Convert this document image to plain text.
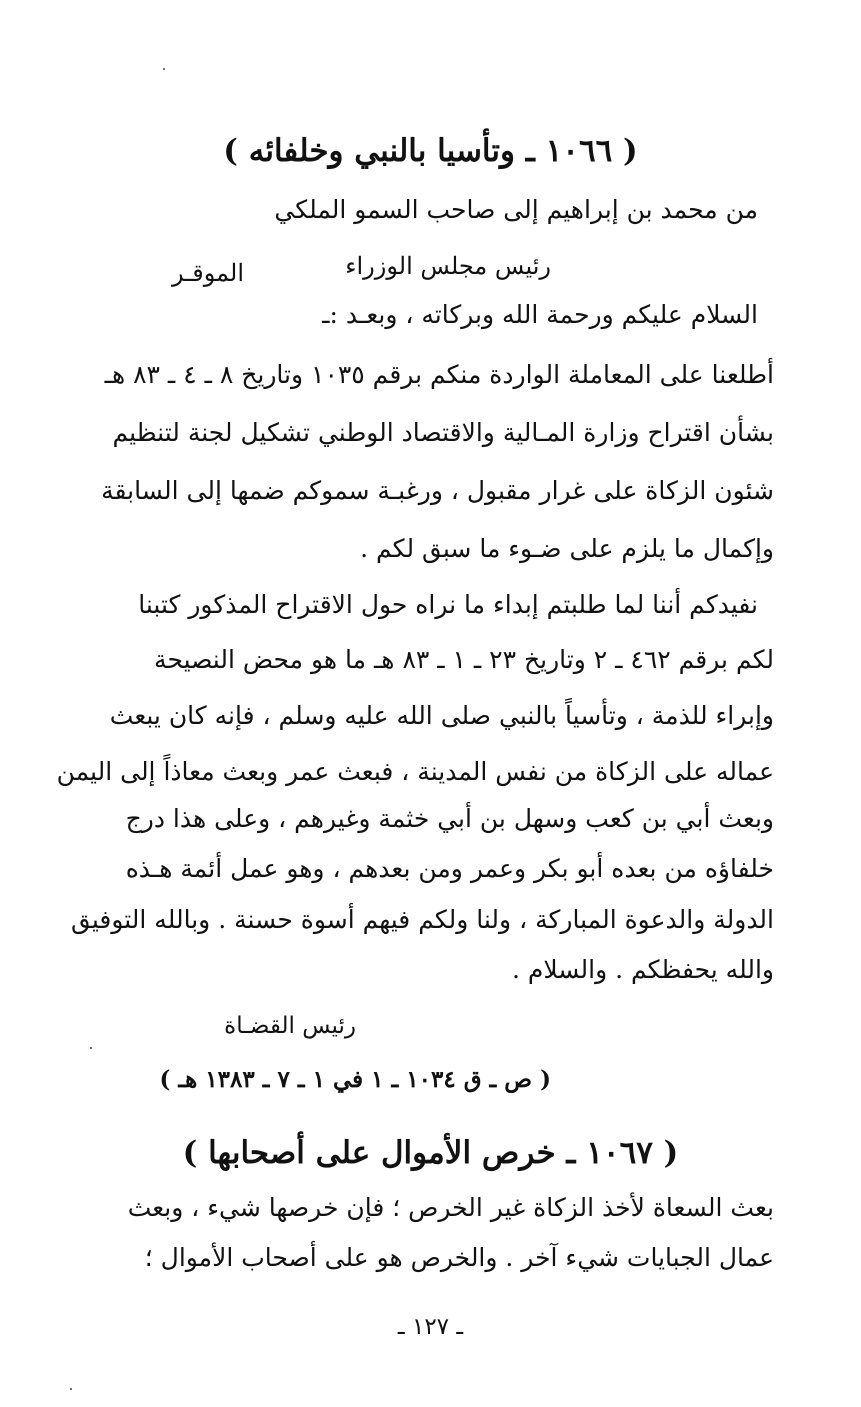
( ١٠٦٦ ـ وتأسيا بالنبي وخلفائه )
من محمد بن إبراهيم إلى صاحب السمو الملكي
رئيس مجلس الوزراء
الموقـر
السلام عليكم ورحمة الله وبركاته ، وبعـد :ـ
أطلعنا على المعاملة الواردة منكم برقم ١٠٣٥ وتاريخ ٨ ـ ٤ ـ ٨٣ هـ
بشأن اقتراح وزارة المـالية والاقتصاد الوطني تشكيل لجنة لتنظيم
شئون الزكاة على غرار مقبول ، ورغبـة سموكم ضمها إلى السابقة
وإكمال ما يلزم على ضـوء ما سبق لكم .
نفيدكم أننا لما طلبتم إبداء ما نراه حول الاقتراح المذكور كتبنا
لكم برقم ٤٦٢ ـ ٢ وتاريخ ٢٣ ـ ١ ـ ٨٣ هـ ما هو محض النصيحة
وإبراء للذمة ، وتأسياً بالنبي صلى الله عليه وسلم ، فإنه كان يبعث
عماله على الزكاة من نفس المدينة ، فبعث عمر وبعث معاذاً إلى اليمن
وبعث أبي بن كعب وسهل بن أبي خثمة وغيرهم ، وعلى هذا درج
خلفاؤه من بعده أبو بكر وعمر ومن بعدهم ، وهو عمل أئمة هـذه
الدولة والدعوة المباركة ، ولنا ولكم فيهم أسوة حسنة . وبالله التوفيق
والله يحفظكم . والسلام .
رئيس القضـاة
( ص ـ ق ١٠٣٤ ـ ١ في ١ ـ ٧ ـ ١٣٨٣ هـ )
( ١٠٦٧ ـ خرص الأموال على أصحابها )
بعث السعاة لأخذ الزكاة غير الخرص ؛ فإن خرصها شيء ، وبعث
عمال الجبايات شيء آخر . والخرص هو على أصحاب الأموال ؛
ـ ١٢٧ ـ
